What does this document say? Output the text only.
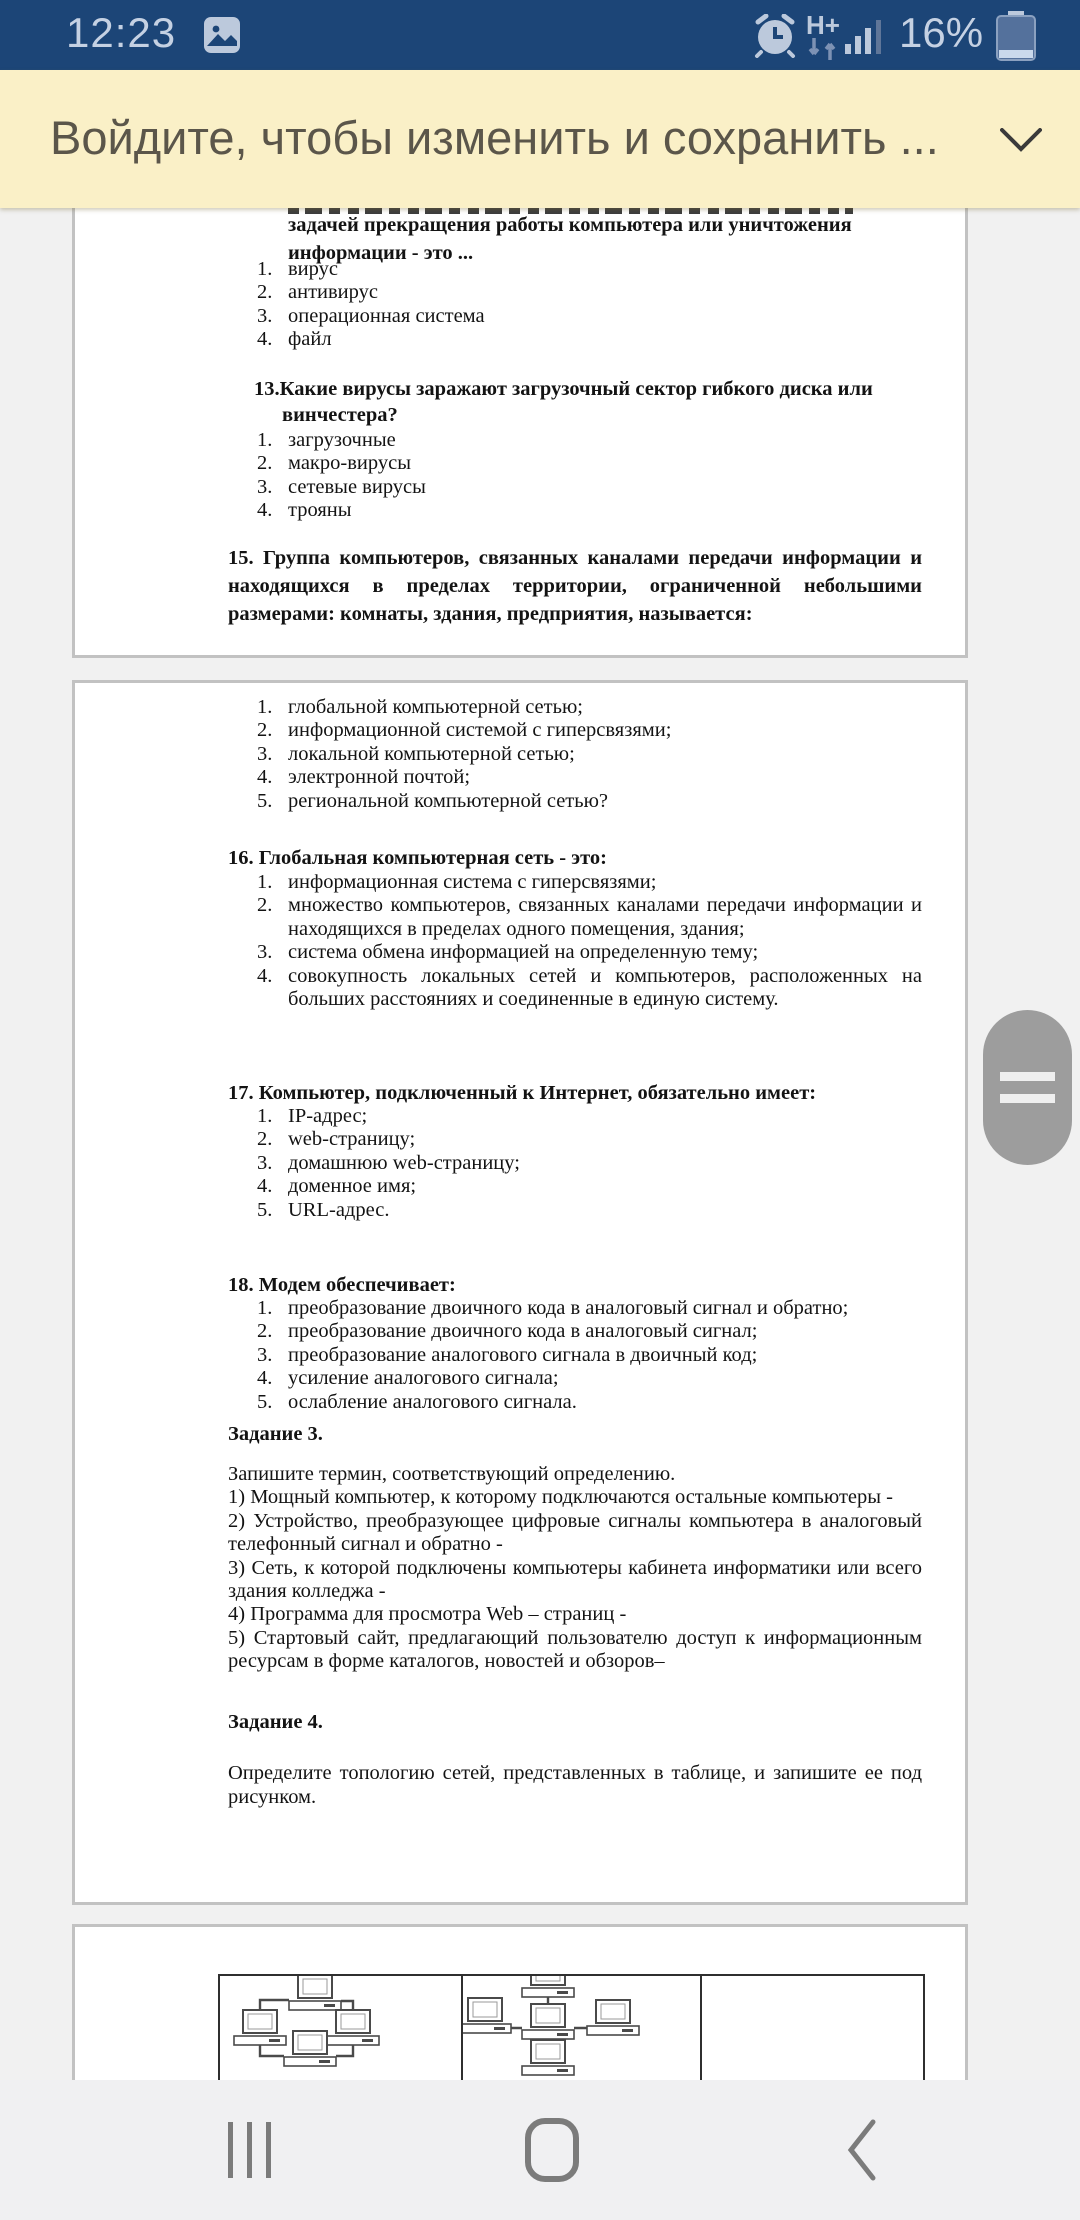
12:23	H+ 16%
Войдите, чтобы изменить и сохранить ...
задачей прекращения работы компьютера или уничтожения
информации - это ...
1. вирус
2. антивирус
3. операционная система
4. файл
13.Какие вирусы заражают загрузочный сектор гибкого диска или винчестера?
1. загрузочные
2. макро-вирусы
3. сетевые вирусы
4. трояны
15. Группа компьютеров, связанных каналами передачи информации и находящихся в пределах территории, ограниченной небольшими размерами: комнаты, здания, предприятия, называется:
1. глобальной компьютерной сетью;
2. информационной системой с гиперсвязями;
3. локальной компьютерной сетью;
4. электронной почтой;
5. региональной компьютерной сетью?
16. Глобальная компьютерная сеть - это:
1. информационная система с гиперсвязями;
2. множество компьютеров, связанных каналами передачи информации и находящихся в пределах одного помещения, здания;
3. система обмена информацией на определенную тему;
4. совокупность локальных сетей и компьютеров, расположенных на больших расстояниях и соединенные в единую систему.
17. Компьютер, подключенный к Интернет, обязательно имеет:
1. IP-адрес;
2. web-страницу;
3. домашнюю web-страницу;
4. доменное имя;
5. URL-адрес.
18. Модем обеспечивает:
1. преобразование двоичного кода в аналоговый сигнал и обратно;
2. преобразование двоичного кода в аналоговый сигнал;
3. преобразование аналогового сигнала в двоичный код;
4. усиление аналогового сигнала;
5. ослабление аналогового сигнала.
Задание 3.
Запишите термин, соответствующий определению.
1) Мощный компьютер, к которому подключаются остальные компьютеры -
2) Устройство, преобразующее цифровые сигналы компьютера в аналоговый телефонный сигнал и обратно -
3) Сеть, к которой подключены компьютеры кабинета информатики или всего здания колледжа -
4) Программа для просмотра Web – страниц -
5) Стартовый сайт, предлагающий пользователю доступ к информационным ресурсам в форме каталогов, новостей и обзоров–
Задание 4.
Определите топологию сетей, представленных в таблице, и запишите ее под рисунком.
